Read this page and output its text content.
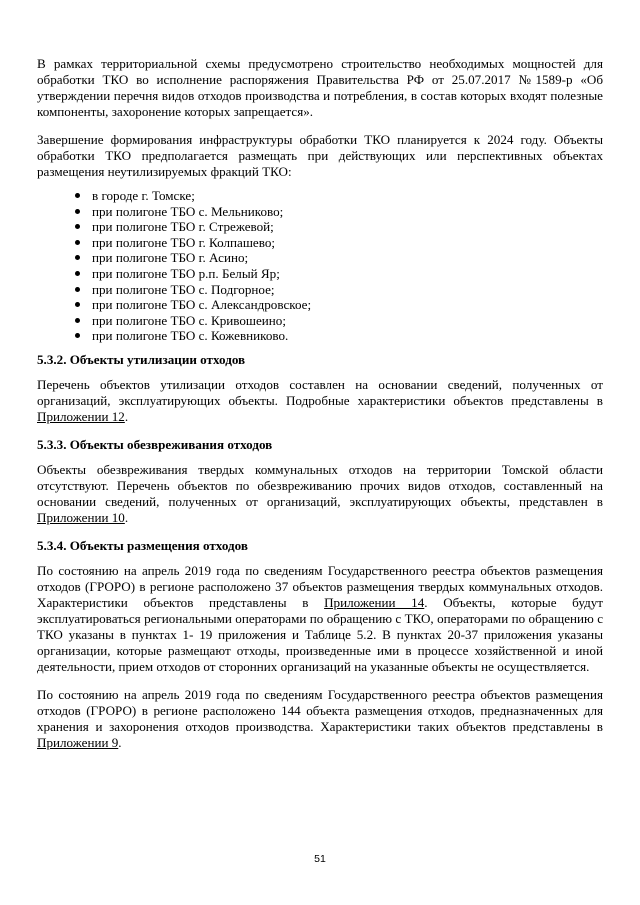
В рамках территориальной схемы предусмотрено строительство необходимых мощностей для обработки ТКО во исполнение распоряжения Правительства РФ от 25.07.2017 №1589-р «Об утверждении перечня видов отходов производства и потребления, в состав которых входят полезные компоненты, захоронение которых запрещается».

Завершение формирования инфраструктуры обработки ТКО планируется к 2024 году. Объекты обработки ТКО предполагается размещать при действующих или перспективных объектах размещения неутилизируемых фракций ТКО:

в городе г. Томске;
при полигоне ТБО с. Мельниково;
при полигоне ТБО г. Стрежевой;
при полигоне ТБО г. Колпашево;
при полигоне ТБО г. Асино;
при полигоне ТБО р.п. Белый Яр;
при полигоне ТБО с. Подгорное;
при полигоне ТБО с. Александровское;
при полигоне ТБО с. Кривошеино;
при полигоне ТБО с. Кожевниково.
5.3.2. Объекты утилизации отходов

Перечень объектов утилизации отходов составлен на основании сведений, полученных от организаций, эксплуатирующих объекты. Подробные характеристики объектов представлены в Приложении 12.

5.3.3. Объекты обезвреживания отходов

Объекты обезвреживания твердых коммунальных отходов на территории Томской области отсутствуют. Перечень объектов по обезвреживанию прочих видов отходов, составленный на основании сведений, полученных от организаций, эксплуатирующих объекты, представлен в Приложении 10.

5.3.4. Объекты размещения отходов

По состоянию на апрель 2019 года по сведениям Государственного реестра объектов размещения отходов (ГРОРО) в регионе расположено 37 объектов размещения твердых коммунальных отходов. Характеристики объектов представлены в Приложении 14. Объекты, которые будут эксплуатироваться региональными операторами по обращению с ТКО, операторами по обращению с ТКО указаны в пунктах 1- 19 приложения и Таблице 5.2. В пунктах 20-37 приложения указаны организации, которые размещают отходы, произведенные ими в процессе хозяйственной и иной деятельности, прием отходов от сторонних организаций на указанные объекты не осуществляется.

По состоянию на апрель 2019 года по сведениям Государственного реестра объектов размещения отходов (ГРОРО) в регионе расположено 144 объекта размещения отходов, предназначенных для хранения и захоронения отходов производства. Характеристики таких объектов представлены в Приложении 9.

51
